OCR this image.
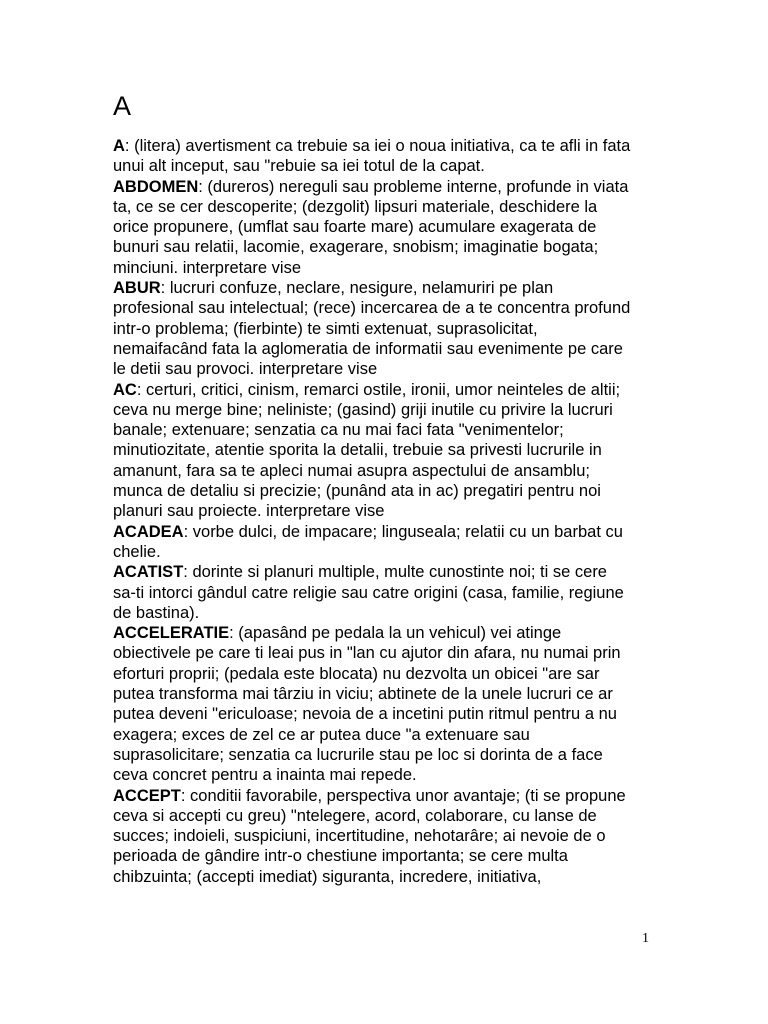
A

A: (litera) avertisment ca trebuie sa iei o noua initiativa, ca te afli in fata unui alt inceput, sau "rebuie sa iei totul de la capat.

ABDOMEN: (dureros) nereguli sau probleme interne, profunde in viata ta, ce se cer descoperite; (dezgolit) lipsuri materiale, deschidere la orice propunere, (umflat sau foarte mare) acumulare exagerata de bunuri sau relatii, lacomie, exagerare, snobism; imaginatie bogata; minciuni. interpretare vise

ABUR: lucruri confuze, neclare, nesigure, nelamuriri pe plan profesional sau intelectual; (rece) incercarea de a te concentra profund intr-o problema; (fierbinte) te simti extenuat, suprasolicitat, nemaifacând fata la aglomeratia de informatii sau evenimente pe care le detii sau provoci. interpretare vise

AC: certuri, critici, cinism, remarci ostile, ironii, umor neinteles de altii; ceva nu merge bine; neliniste; (gasind) griji inutile cu privire la lucruri banale; extenuare; senzatia ca nu mai faci fata "venimentelor; minutiozitate, atentie sporita la detalii, trebuie sa privesti lucrurile in amanunt, fara sa te apleci numai asupra aspectului de ansamblu; munca de detaliu si precizie; (punând ata in ac) pregatiri pentru noi planuri sau proiecte. interpretare vise

ACADEA: vorbe dulci, de impacare; linguseala; relatii cu un barbat cu chelie.

ACATIST: dorinte si planuri multiple, multe cunostinte noi; ti se cere sa-ti intorci gândul catre religie sau catre origini (casa, familie, regiune de bastina).

ACCELERATIE: (apasând pe pedala la un vehicul) vei atinge obiectivele pe care ti leai pus in "lan cu ajutor din afara, nu numai prin eforturi proprii; (pedala este blocata) nu dezvolta un obicei "are sar putea transforma mai târziu in viciu; abtinete de la unele lucruri ce ar putea deveni "ericuloase; nevoia de a incetini putin ritmul pentru a nu exagera; exces de zel ce ar putea duce "a extenuare sau suprasolicitare; senzatia ca lucrurile stau pe loc si dorinta de a face ceva concret pentru a inainta mai repede.

ACCEPT: conditii favorabile, perspectiva unor avantaje; (ti se propune ceva si accepti cu greu) "ntelegere, acord, colaborare, cu lanse de succes; indoieli, suspiciuni, incertitudine, nehotarâre; ai nevoie de o perioada de gândire intr-o chestiune importanta; se cere multa chibzuinta; (accepti imediat) siguranta, incredere, initiativa,

1
